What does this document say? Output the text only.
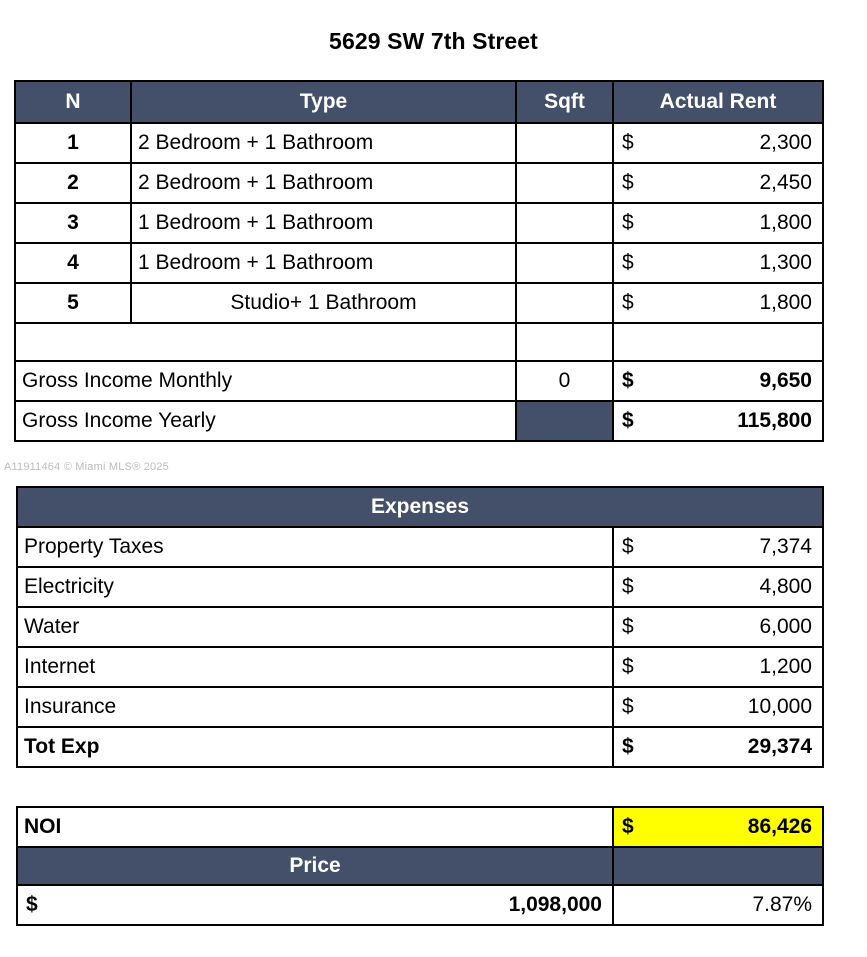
5629 SW 7th Street
N	Type	Sqft	Actual Rent
1	2 Bedroom + 1 Bathroom		$ 2,300

2	2 Bedroom + 1 Bathroom		$ 2,450

3	1 Bedroom + 1 Bathroom		$ 1,800

4	1 Bedroom + 1 Bathroom		$ 1,300

5	Studio+ 1 Bathroom		$ 1,800

Gross Income Monthly		0	$ 9,650

Gross Income Yearly			$ 115,800
A11911464 © Miami MLS® 2025
Expenses	
Property Taxes	$ 7,374

Electricity	$ 4,800

Water	$ 6,000

Internet	$ 1,200

Insurance	$ 10,000

Tot Exp	$ 29,374
NOI	$ 86,426

Price	

$ 1,098,000	7.87%
